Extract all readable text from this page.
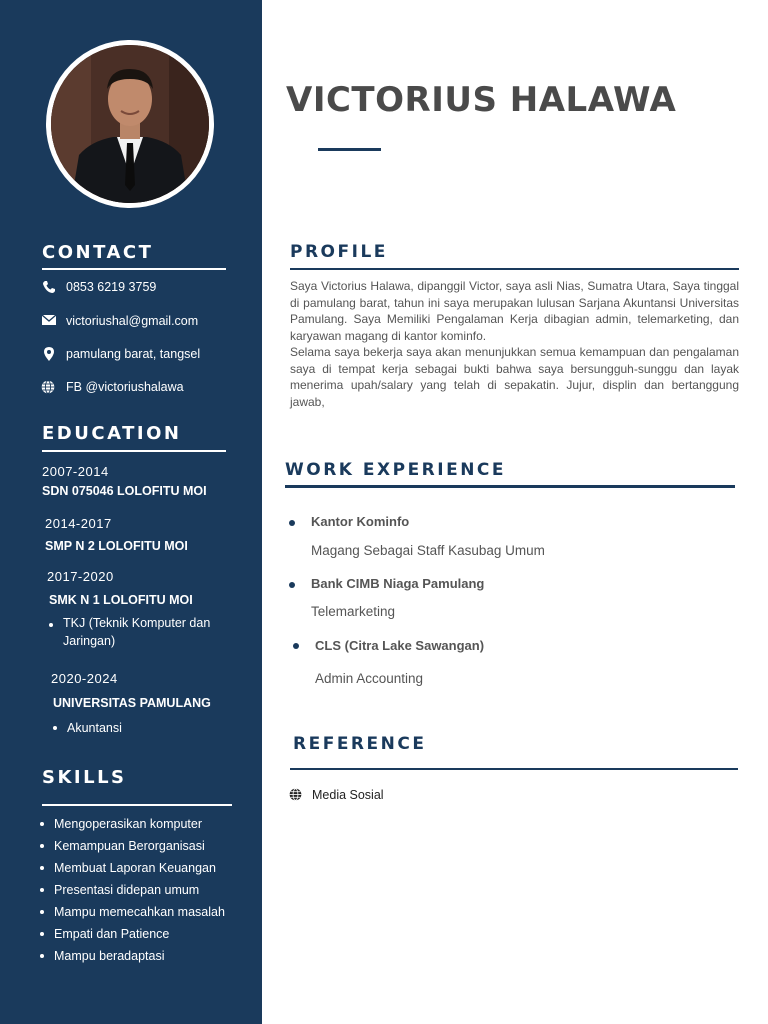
CONTACT
0853 6219 3759
victoriushal@gmail.com
pamulang barat, tangsel
FB @victoriushalawa
EDUCATION
2007-2014
SDN 075046 LOLOFITU MOI
2014-2017
SMP N 2 LOLOFITU MOI
2017-2020
SMK N 1 LOLOFITU MOI
TKJ (Teknik Komputer dan Jaringan)
2020-2024
UNIVERSITAS PAMULANG
Akuntansi
SKILLS
Mengoperasikan komputer
Kemampuan Berorganisasi
Membuat Laporan Keuangan
Presentasi didepan umum
Mampu memecahkan masalah
Empati dan Patience
Mampu beradaptasi
VICTORIUS HALAWA
PROFILE
Saya Victorius Halawa, dipanggil Victor, saya asli Nias, Sumatra Utara, Saya tinggal di pamulang barat, tahun ini saya merupakan lulusan Sarjana Akuntansi Universitas Pamulang. Saya Memiliki Pengalaman Kerja dibagian admin, telemarketing, dan karyawan magang di kantor kominfo.
Selama saya bekerja saya akan menunjukkan semua kemampuan dan pengalaman saya di tempat kerja sebagai bukti bahwa saya bersungguh-sunggu dan layak menerima upah/salary yang telah di sepakatin. Jujur, displin dan bertanggung jawab,
WORK EXPERIENCE
Kantor Kominfo
Magang Sebagai Staff Kasubag Umum
Bank CIMB Niaga Pamulang
Telemarketing
CLS (Citra Lake Sawangan)
Admin Accounting
REFERENCE
Media Sosial
